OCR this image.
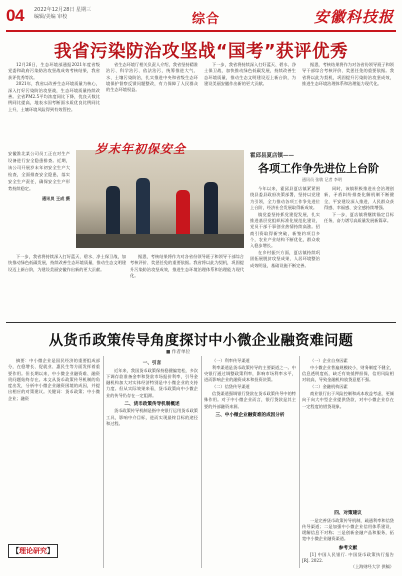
04 2022年12月28日 星期三
编辑/美编 审校	综合	安徽科技报
我省污染防治攻坚战“国考”获评优秀

12月26日，生态环境部通报2021年度省级党委和政府污染防治攻坚战成效考核结果，我省获评优秀等次。

2021年，我省以改善生态环境质量为核心，深入打好污染防治攻坚战，生态环境质量持续改善。全省PM2.5平均浓度同比下降，优良天数比例同比提高，地表水国考断面水质优良比例同比上升，土壤环境风险得到有效管控。

省生态环境厅相关负责人介绍，我省坚持精准治污、科学治污、依法治污，统筹推进大气、水、土壤污染防治，扎实推进中央和省级生态环境保护督察反馈问题整改，有力保障了人民群众的生态环境权益。

下一步，我省将持续深入打好蓝天、碧水、净土保卫战，加快推动绿色低碳发展，持续改善生态环境质量，推动生态文明建设迈上新台阶，为建设美丽安徽作出新的更大贡献。

据悉，考核结果将作为对各省份领导班子和领导干部综合考核评价、奖惩任免的重要依据。我省将以此为契机，巩固提升污染防治攻坚成效，推进生态环境治理体系和治理能力现代化。

岁末年初保安全
安徽淮北某公司员工正在对生产设备进行安全隐患排查。近期，该公司开展岁末年初安全生产大检查，全面排查安全隐患，落实安全生产责任，确保安全生产形势持续稳定。
通讯员 王成 摄

下一步，我省将持续深入打好蓝天、碧水、净土保卫战，加快推动绿色低碳发展，持续改善生态环境质量，推动生态文明建设迈上新台阶，为建设美丽安徽作出新的更大贡献。

据悉，考核结果将作为对各省份领导班子和领导干部综合考核评价、奖惩任免的重要依据。我省将以此为契机，巩固提升污染防治攻坚成效，推进生态环境治理体系和治理能力现代化。

霍邱县夏店镇——
各项工作争先进位上台阶
通讯员 张敏 记者 李明

今年以来，霍邱县夏店镇紧紧围绕县委县政府决策部署，坚持以党建为引领，全力推动各项工作争先进位上台阶，经济社会发展取得新成效。

镇党委坚持抓党建促发展，扎实推进基层党组织标准化规范化建设，党员干部干事创业热情持续高涨。招商引资取得新突破，新签约项目多个，农业产业结构不断优化，群众收入稳步增长。

在乡村振兴方面，夏店镇持续巩固拓展脱贫攻坚成果，人居环境整治成效明显，基础设施不断完善。

同时，该镇积极推进社会治理创新，矛盾纠纷排查化解机制不断健全，平安建设深入推进，人民群众获得感、幸福感、安全感持续增强。

下一步，夏店镇将继续锚定目标任务，奋力谱写高质量发展新篇章。

从货币政策传导角度探讨中小微企业融资难问题
■ 作者单位

摘要：中小微企业是国民经济的重要组成部分，在稳增长、促就业、惠民生等方面发挥着重要作用。但长期以来，中小微企业融资难、融资贵问题始终存在。本文从货币政策传导机制的角度出发，分析中小微企业融资困境的成因，并提出相应的对策建议。关键词：货币政策；中小微企业；融资

一、引言

近年来，我国货币政策保持稳健偏宽松，多次下调存款准备金率和贷款市场报价利率，引导金融机构加大对实体经济特别是中小微企业的支持力度。但从实际效果来看，货币政策向中小微企业的传导仍存在一定阻滞。

二、货币政策传导机制概述

货币政策传导机制是指中央银行运用货币政策工具，影响中介目标，进而实现最终目标的途径和过程。

（一）利率传导渠道

利率渠道是货币政策传导的主要渠道之一。中央银行通过调整政策利率，影响市场利率水平，进而影响企业的融资成本和投资决策。

（二）信贷传导渠道

信贷渠道强调银行贷款在货币政策传导中的特殊作用。对于中小微企业而言，银行贷款是其主要的外部融资来源。

三、中小微企业融资难的成因分析

（一）企业自身因素

中小微企业普遍规模较小，财务制度不健全，信息透明度低，缺乏有效抵押担保，信用风险相对较高，导致金融机构放贷意愿不强。

（二）金融机构因素

商业银行出于风险控制和成本收益考虑，更倾向于向大中型企业提供贷款，对中小微企业存在一定程度的惜贷现象。

四、对策建议

一是完善货币政策传导机制，疏通利率和信贷传导渠道；二是加强中小微企业信用体系建设，缓解信息不对称；三是创新金融产品和服务，拓宽中小微企业融资渠道。

参考文献

[1] 中国人民银行. 中国货币政策执行报告[R]. 2022.

【理论研究】
（上海财经大学 供稿）
